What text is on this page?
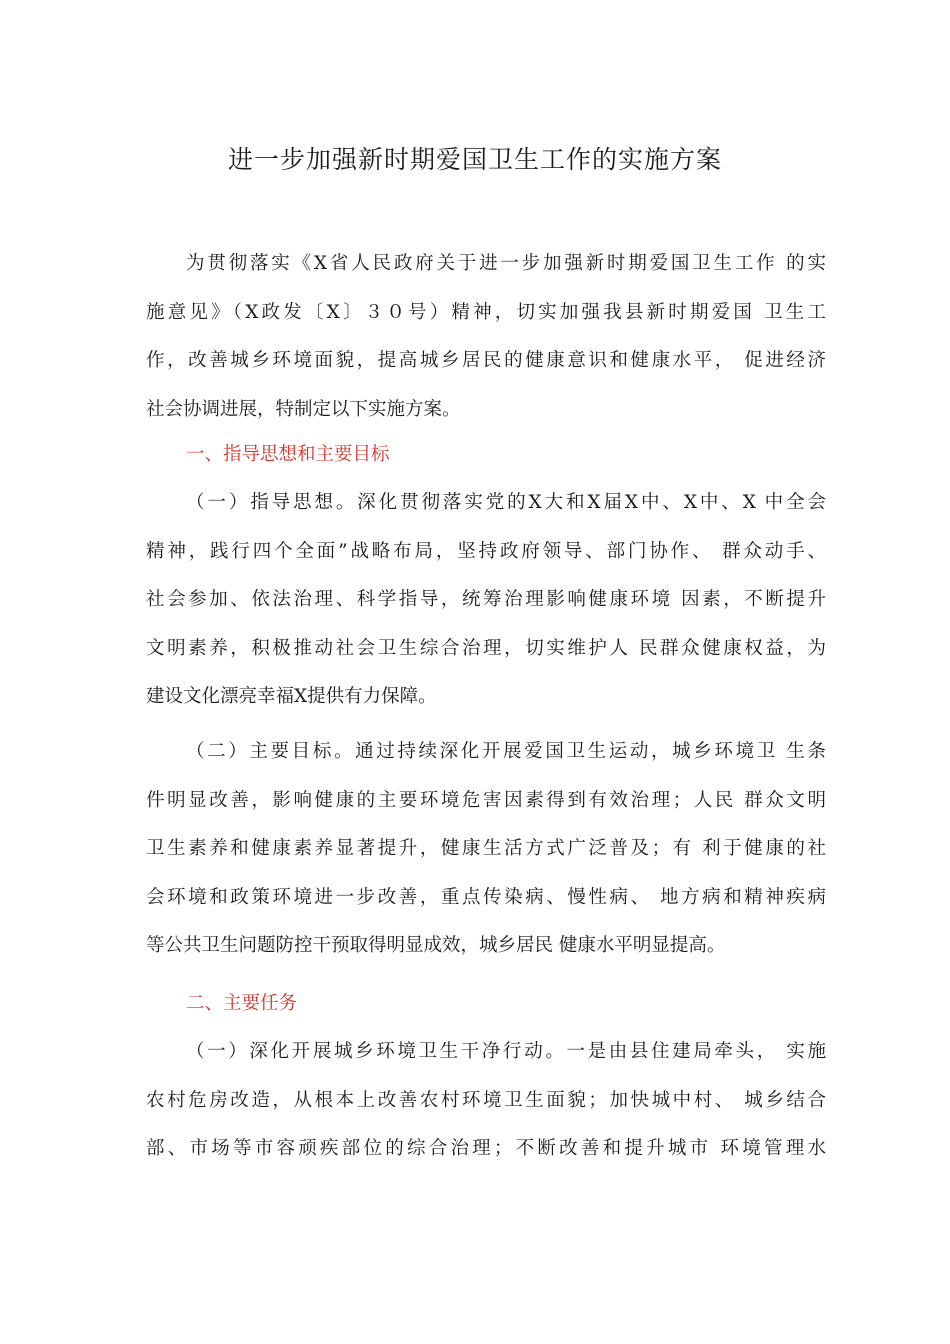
进一步加强新时期爱国卫生工作的实施方案
为贯彻落实《X省人民政府关于进一步加强新时期爱国卫生工作 的实
施意见》（X政发〔X〕３０号）精神，切实加强我县新时期爱国 卫生工
作，改善城乡环境面貌，提高城乡居民的健康意识和健康水平， 促进经济
社会协调进展，特制定以下实施方案。
一、指导思想和主要目标
（一）指导思想。深化贯彻落实党的X大和X届X中、X中、X 中全会
精神，践行四个全面”战略布局，坚持政府领导、部门协作、 群众动手、
社会参加、依法治理、科学指导，统筹治理影响健康环境 因素，不断提升
文明素养，积极推动社会卫生综合治理，切实维护人 民群众健康权益，为
建设文化漂亮幸福X提供有力保障。
（二）主要目标。通过持续深化开展爱国卫生运动，城乡环境卫 生条
件明显改善，影响健康的主要环境危害因素得到有效治理；人民 群众文明
卫生素养和健康素养显著提升，健康生活方式广泛普及；有 利于健康的社
会环境和政策环境进一步改善，重点传染病、慢性病、 地方病和精神疾病
等公共卫生问题防控干预取得明显成效，城乡居民 健康水平明显提高。
二、主要任务
（一）深化开展城乡环境卫生干净行动。一是由县住建局牵头， 实施
农村危房改造，从根本上改善农村环境卫生面貌；加快城中村、 城乡结合
部、市场等市容顽疾部位的综合治理；不断改善和提升城市 环境管理水
